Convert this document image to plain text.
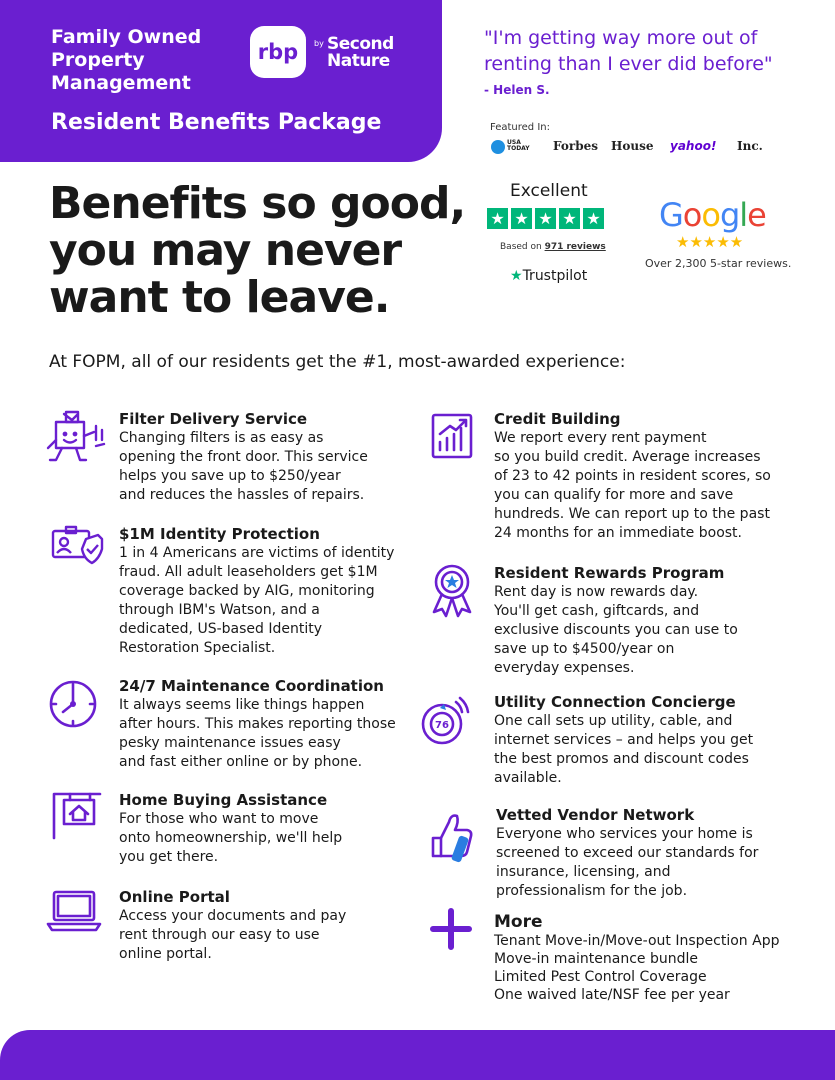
Family Owned
Property
Management
rbp by Second
Nature
Resident Benefits Package
"I'm getting way more out of
renting than I ever did before"
- Helen S.
Featured In:
USA
TODAY Forbes House yahoo! Inc.
Benefits so good,
you may never
want to leave.
Excellent
★ ★ ★ ★ ★
Based on 971 reviews
★Trustpilot
Google
★★★★★
Over 2,300 5-star reviews.
At FOPM, all of our residents get the #1, most-awarded experience:
Filter Delivery Service

Changing filters is as easy as
opening the front door. This service
helps you save up to $250/year
and reduces the hassles of repairs.

$1M Identity Protection

1 in 4 Americans are victims of identity
fraud. All adult leaseholders get $1M
coverage backed by AIG, monitoring
through IBM's Watson, and a
dedicated, US-based Identity
Restoration Specialist.

24/7 Maintenance Coordination

It always seems like things happen
after hours. This makes reporting those
pesky maintenance issues easy
and fast either online or by phone.

Home Buying Assistance

For those who want to move
onto homeownership, we'll help
you get there.

Online Portal

Access your documents and pay
rent through our easy to use
online portal.

76
Credit Building

We report every rent payment
so you build credit. Average increases
of 23 to 42 points in resident scores, so
you can qualify for more and save
hundreds. We can report up to the past
24 months for an immediate boost.

Resident Rewards Program

Rent day is now rewards day.
You'll get cash, giftcards, and
exclusive discounts you can use to
save up to $4500/year on
everyday expenses.

Utility Connection Concierge

One call sets up utility, cable, and
internet services – and helps you get
the best promos and discount codes
available.

Vetted Vendor Network

Everyone who services your home is
screened to exceed our standards for
insurance, licensing, and
professionalism for the job.

More
Tenant Move-in/Move-out Inspection App
Move-in maintenance bundle
Limited Pest Control Coverage
One waived late/NSF fee per year
